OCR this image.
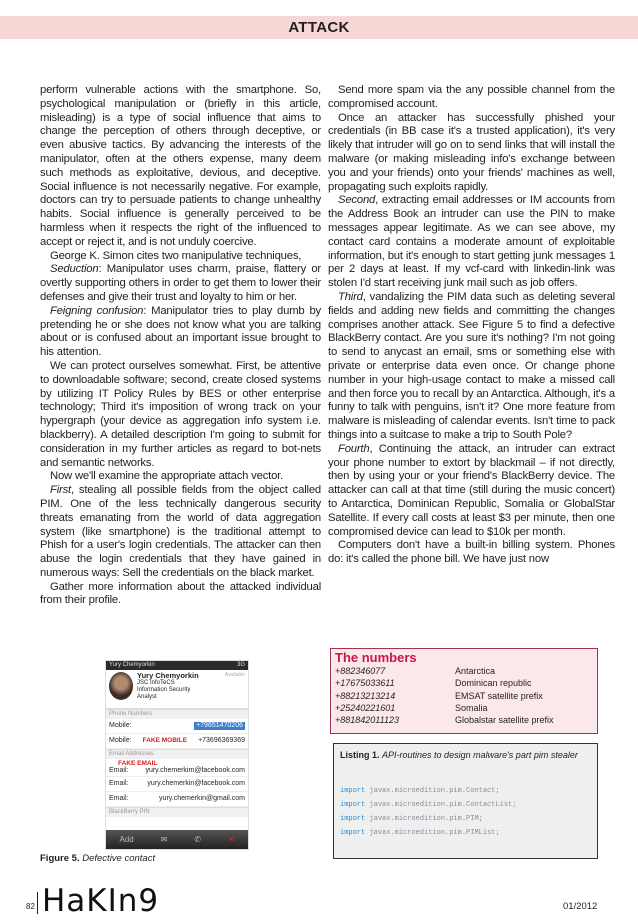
ATTACK

perform vulnerable actions with the smartphone. So, psychological manipulation or (briefly in this article, misleading) is a type of social influence that aims to change the perception of others through deceptive, or even abusive tactics. By advancing the interests of the manipulator, often at the others expense, many deem such methods as exploitative, devious, and deceptive. Social influence is not necessarily negative. For example, doctors can try to persuade patients to change unhealthy habits. Social influence is generally perceived to be harmless when it respects the right of the influenced to accept or reject it, and is not unduly coercive.

George K. Simon cites two manipulative techniques,

Seduction: Manipulator uses charm, praise, flattery or overtly supporting others in order to get them to lower their defenses and give their trust and loyalty to him or her.

Feigning confusion: Manipulator tries to play dumb by pretending he or she does not know what you are talking about or is confused about an important issue brought to his attention.

We can protect ourselves somewhat. First, be attentive to downloadable software; second, create closed systems by utilizing IT Policy Rules by BES or other enterprise technology; Third it's imposition of wrong track on your hypergraph (your device as aggregation info system i.e. blackberry). A detailed description I'm going to submit for consideration in my further articles as regard to bot-nets and semantic networks.

Now we'll examine the appropriate attach vector.

First, stealing all possible fields from the object called PIM. One of the less technically dangerous security threats emanating from the world of data aggregation system (like smartphone) is the traditional attempt to Phish for a user's login credentials. The attacker can then abuse the login credentials that they have gained in numerous ways: Sell the credentials on the black market.

Gather more information about the attacked individual from their profile.

Send more spam via the any possible channel from the compromised account.

Once an attacker has successfully phished your credentials (in BB case it's a trusted application), it's very likely that intruder will go on to send links that will install the malware (or making misleading info's exchange between you and your friends) onto your friends' machines as well, propagating such exploits rapidly.

Second, extracting email addresses or IM accounts from the Address Book an intruder can use the PIN to make messages appear legitimate. As we can see above, my contact card contains a moderate amount of exploitable information, but it's enough to start getting junk messages 1 per 2 days at least. If my vcf-card with linkedin-link was stolen I'd start receiving junk mail such as job offers.

Third, vandalizing the PIM data such as deleting several fields and adding new fields and committing the changes comprises another attack. See Figure 5 to find a defective BlackBerry contact. Are you sure it's nothing? I'm not going to send to anycast an email, sms or something else with private or enterprise data even once. Or change phone number in your high-usage contact to make a missed call and then force you to recall by an Antarctica. Although, it's a funny to talk with penguins, isn't it? One more feature from malware is misleading of calendar events. Isn't time to pack things into a suitcase to make a trip to South Pole?

Fourth, Continuing the attack, an intruder can extract your phone number to extort by blackmail – if not directly, then by using your or your friend's BlackBerry device. The attacker can call at that time (still during the music concert) to Antarctica, Dominican Republic, Somalia or GlobalStar Satellite. If every call costs at least $3 per minute, then one compromised device can lead to $10k per month.

Computers don't have a built-in billing system. Phones do: it's called the phone bill. We have just now

Yury Chemyorkin	3G
Yury Chemyorkin
JSC InfoTeCS
Information Security
Analyst
Available
Phone Numbers
Mobile:	+79651470206
Mobile: FAKE MOBILE +73696369369
Email Addresses
FAKE EMAIL
Email: yury.chemerkim@facebook.com
Email:	yury.chemerkin@facebook.com
Email:	yury.chemerkin@gmail.com
BlackBerry PIN
Add	✉	✆	✕
Figure 5. Defective contact
The numbers
+882346077	Antarctica
+17675033611	Dominican republic
+88213213214	EMSAT satellite prefix
+25240221601	Somalia
+881842011123	Globalstar satellite prefix
Listing 1. API-routines to design malware's part pim stealer
import javax.microedition.pim.Contact;
import javax.microedition.pim.ContactList;
import javax.microedition.pim.PIM;
import javax.microedition.pim.PIMList;
82 HaKIn9	01/2012
